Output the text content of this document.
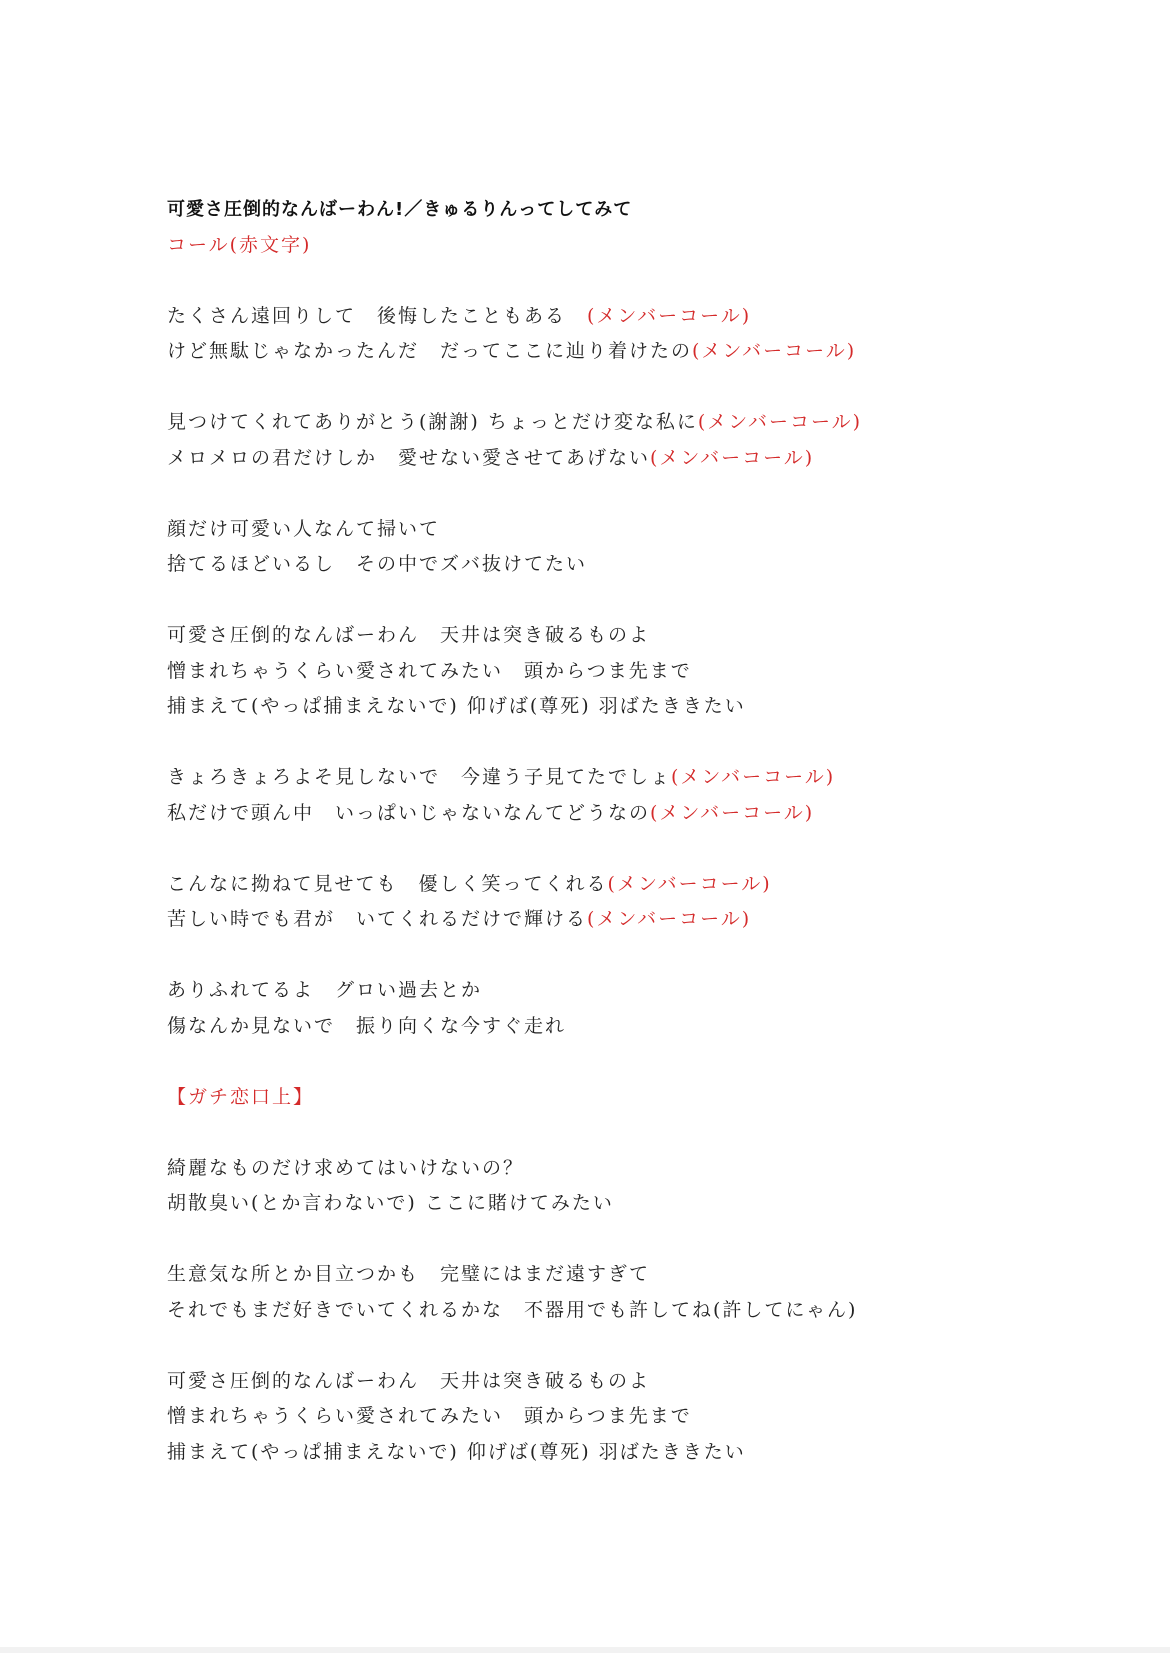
可愛さ圧倒的なんばーわん!／きゅるりんってしてみて
コール(赤文字)
たくさん遠回りして　後悔したこともある　(メンバーコール)
けど無駄じゃなかったんだ　だってここに辿り着けたの(メンバーコール)
見つけてくれてありがとう(謝謝) ちょっとだけ変な私に(メンバーコール)
メロメロの君だけしか　愛せない愛させてあげない(メンバーコール)
顔だけ可愛い人なんて掃いて
捨てるほどいるし　その中でズバ抜けてたい
可愛さ圧倒的なんばーわん　天井は突き破るものよ
憎まれちゃうくらい愛されてみたい　頭からつま先まで
捕まえて(やっぱ捕まえないで) 仰げば(尊死) 羽ばたききたい
きょろきょろよそ見しないで　今違う子見てたでしょ(メンバーコール)
私だけで頭ん中　いっぱいじゃないなんてどうなの(メンバーコール)
こんなに拗ねて見せても　優しく笑ってくれる(メンバーコール)
苦しい時でも君が　いてくれるだけで輝ける(メンバーコール)
ありふれてるよ　グロい過去とか
傷なんか見ないで　振り向くな今すぐ走れ
【ガチ恋口上】
綺麗なものだけ求めてはいけないの？
胡散臭い(とか言わないで) ここに賭けてみたい
生意気な所とか目立つかも　完璧にはまだ遠すぎて
それでもまだ好きでいてくれるかな　不器用でも許してね(許してにゃん)
可愛さ圧倒的なんばーわん　天井は突き破るものよ
憎まれちゃうくらい愛されてみたい　頭からつま先まで
捕まえて(やっぱ捕まえないで) 仰げば(尊死) 羽ばたききたい
